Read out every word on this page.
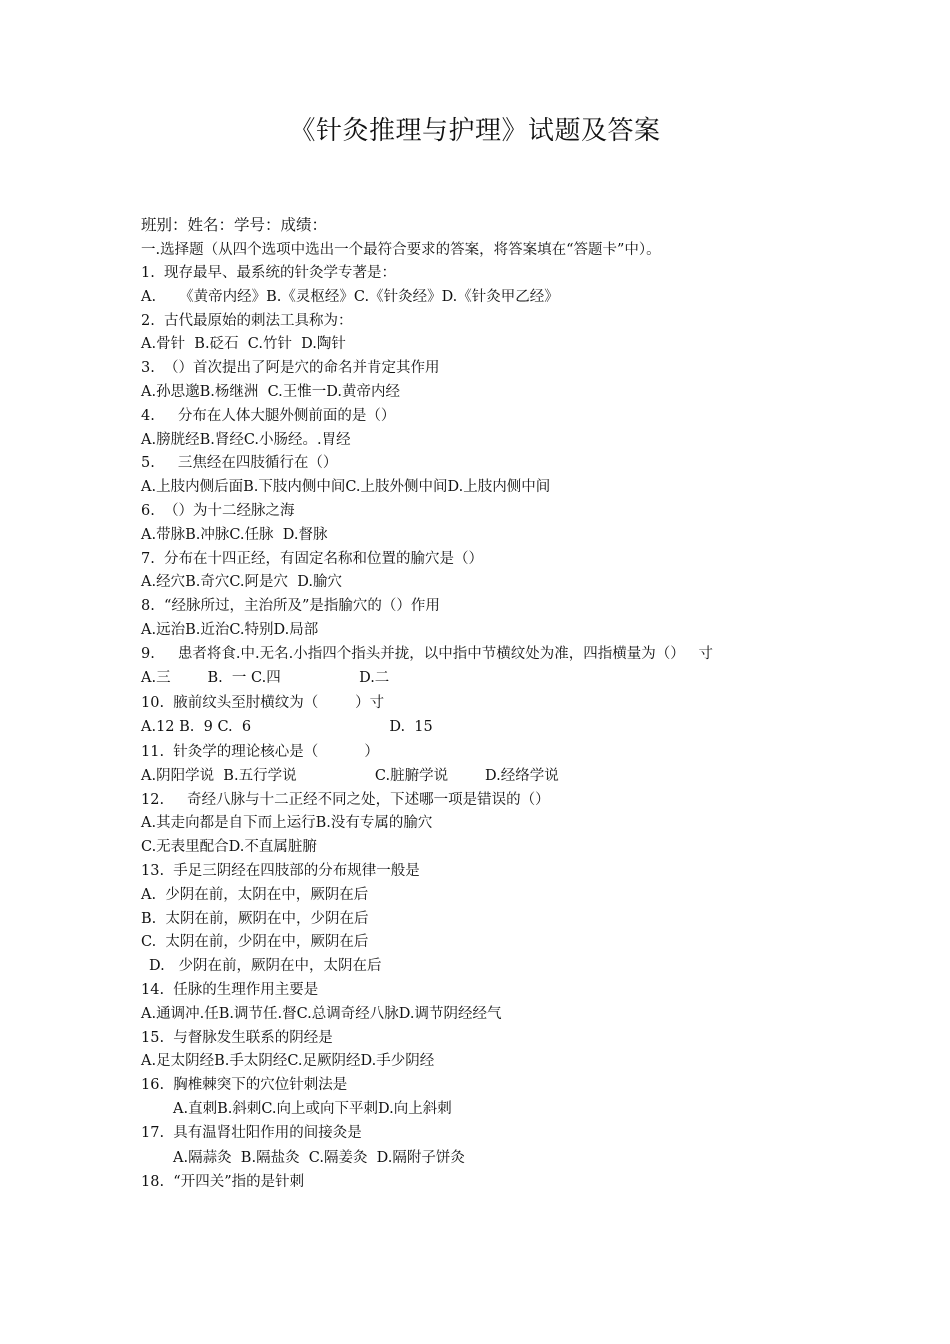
《针灸推理与护理》试题及答案
班别：姓名：学号：成绩：
一.选择题（从四个选项中选出一个最符合要求的答案，将答案填在“答题卡”中）。
1.  现存最早、最系统的针灸学专著是：
A.     《黄帝内经》B.《灵枢经》C.《针灸经》D.《针灸甲乙经》
2.  古代最原始的刺法工具称为：
A.骨针  B.砭石  C.竹针  D.陶针
3.  （）首次提出了阿是穴的命名并肯定其作用
A.孙思邈B.杨继洲  C.王惟一D.黄帝内经
4.     分布在人体大腿外侧前面的是（）
A.膀胱经B.肾经C.小肠经。.胃经
5.     三焦经在四肢循行在（）
A.上肢内侧后面B.下肢内侧中间C.上肢外侧中间D.上肢内侧中间
6.  （）为十二经脉之海
A.带脉B.冲脉C.任脉  D.督脉
7.  分布在十四正经，有固定名称和位置的腧穴是（）
A.经穴B.奇穴C.阿是穴  D.腧穴
8.  “经脉所过，主治所及”是指腧穴的（）作用
A.远治B.近治C.特别D.局部
9.     患者将食.中.无名.小指四个指头并拢，以中指中节横纹处为准，四指横量为（）   寸
A.三        B.  一 C.四                 D.二
10.  腋前纹头至肘横纹为（        ）寸
A.12 B.  9 C.  6                              D.  15
11.  针灸学的理论核心是（          ）
A.阴阳学说  B.五行学说                 C.脏腑学说        D.经络学说
12.     奇经八脉与十二正经不同之处，下述哪一项是错误的（）
A.其走向都是自下而上运行B.没有专属的腧穴
C.无表里配合D.不直属脏腑
13.  手足三阴经在四肢部的分布规律一般是
A.  少阴在前，太阴在中，厥阴在后
B.  太阴在前，厥阴在中，少阴在后
C.  太阴在前，少阴在中，厥阴在后
D.   少阴在前，厥阴在中，太阴在后
14.  任脉的生理作用主要是
A.通调冲.任B.调节任.督C.总调奇经八脉D.调节阴经经气
15.  与督脉发生联系的阴经是
A.足太阴经B.手太阴经C.足厥阴经D.手少阴经
16.  胸椎棘突下的穴位针刺法是
A.直刺B.斜刺C.向上或向下平刺D.向上斜刺
17.  具有温肾壮阳作用的间接灸是
A.隔蒜灸  B.隔盐灸  C.隔姜灸  D.隔附子饼灸
18.  “开四关”指的是针刺
